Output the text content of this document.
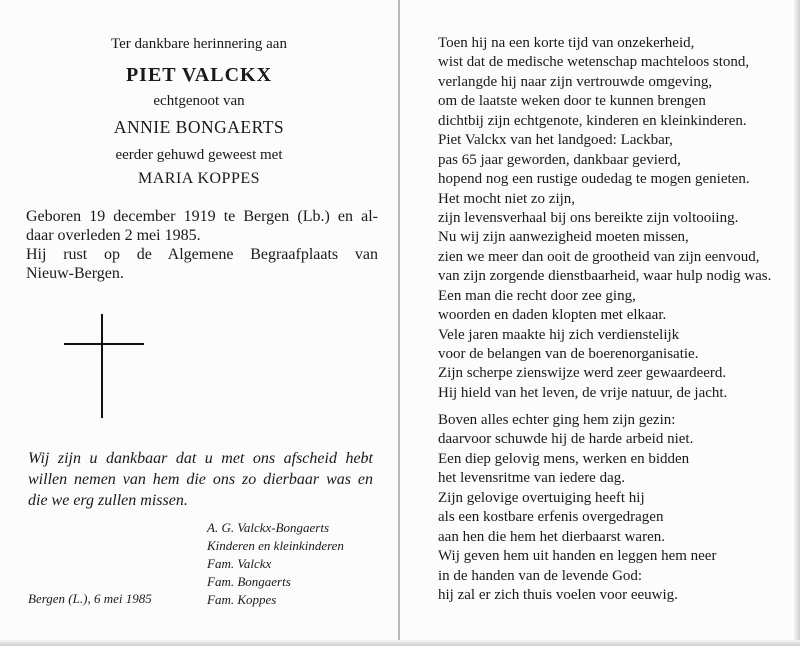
Ter dankbare herinnering aan
PIET VALCKX
echtgenoot van
ANNIE BONGAERTS
eerder gehuwd geweest met
MARIA KOPPES
Geboren 19 december 1919 te Bergen (Lb.) en al-
daar overleden 2 mei 1985.
Hij rust op de Algemene Begraafplaats van
Nieuw-Bergen.
Wij zijn u dankbaar dat u met ons afscheid hebt
willen nemen van hem die ons zo dierbaar was en
die we erg zullen missen.
A. G. Valckx-Bongaerts
Kinderen en kleinkinderen
Fam. Valckx
Fam. Bongaerts
Fam. Koppes
Bergen (L.), 6 mei 1985
Toen hij na een korte tijd van onzekerheid,
wist dat de medische wetenschap machteloos stond,
verlangde hij naar zijn vertrouwde omgeving,
om de laatste weken door te kunnen brengen
dichtbij zijn echtgenote, kinderen en kleinkinderen.
Piet Valckx van het landgoed: Lackbar,
pas 65 jaar geworden, dankbaar gevierd,
hopend nog een rustige oudedag te mogen genieten.
Het mocht niet zo zijn,
zijn levensverhaal bij ons bereikte zijn voltooiing.
Nu wij zijn aanwezigheid moeten missen,
zien we meer dan ooit de grootheid van zijn eenvoud,
van zijn zorgende dienstbaarheid, waar hulp nodig was.
Een man die recht door zee ging,
woorden en daden klopten met elkaar.
Vele jaren maakte hij zich verdienstelijk
voor de belangen van de boerenorganisatie.
Zijn scherpe zienswijze werd zeer gewaardeerd.
Hij hield van het leven, de vrije natuur, de jacht.
Boven alles echter ging hem zijn gezin:
daarvoor schuwde hij de harde arbeid niet.
Een diep gelovig mens, werken en bidden
het levensritme van iedere dag.
Zijn gelovige overtuiging heeft hij
als een kostbare erfenis overgedragen
aan hen die hem het dierbaarst waren.
Wij geven hem uit handen en leggen hem neer
in de handen van de levende God:
hij zal er zich thuis voelen voor eeuwig.
